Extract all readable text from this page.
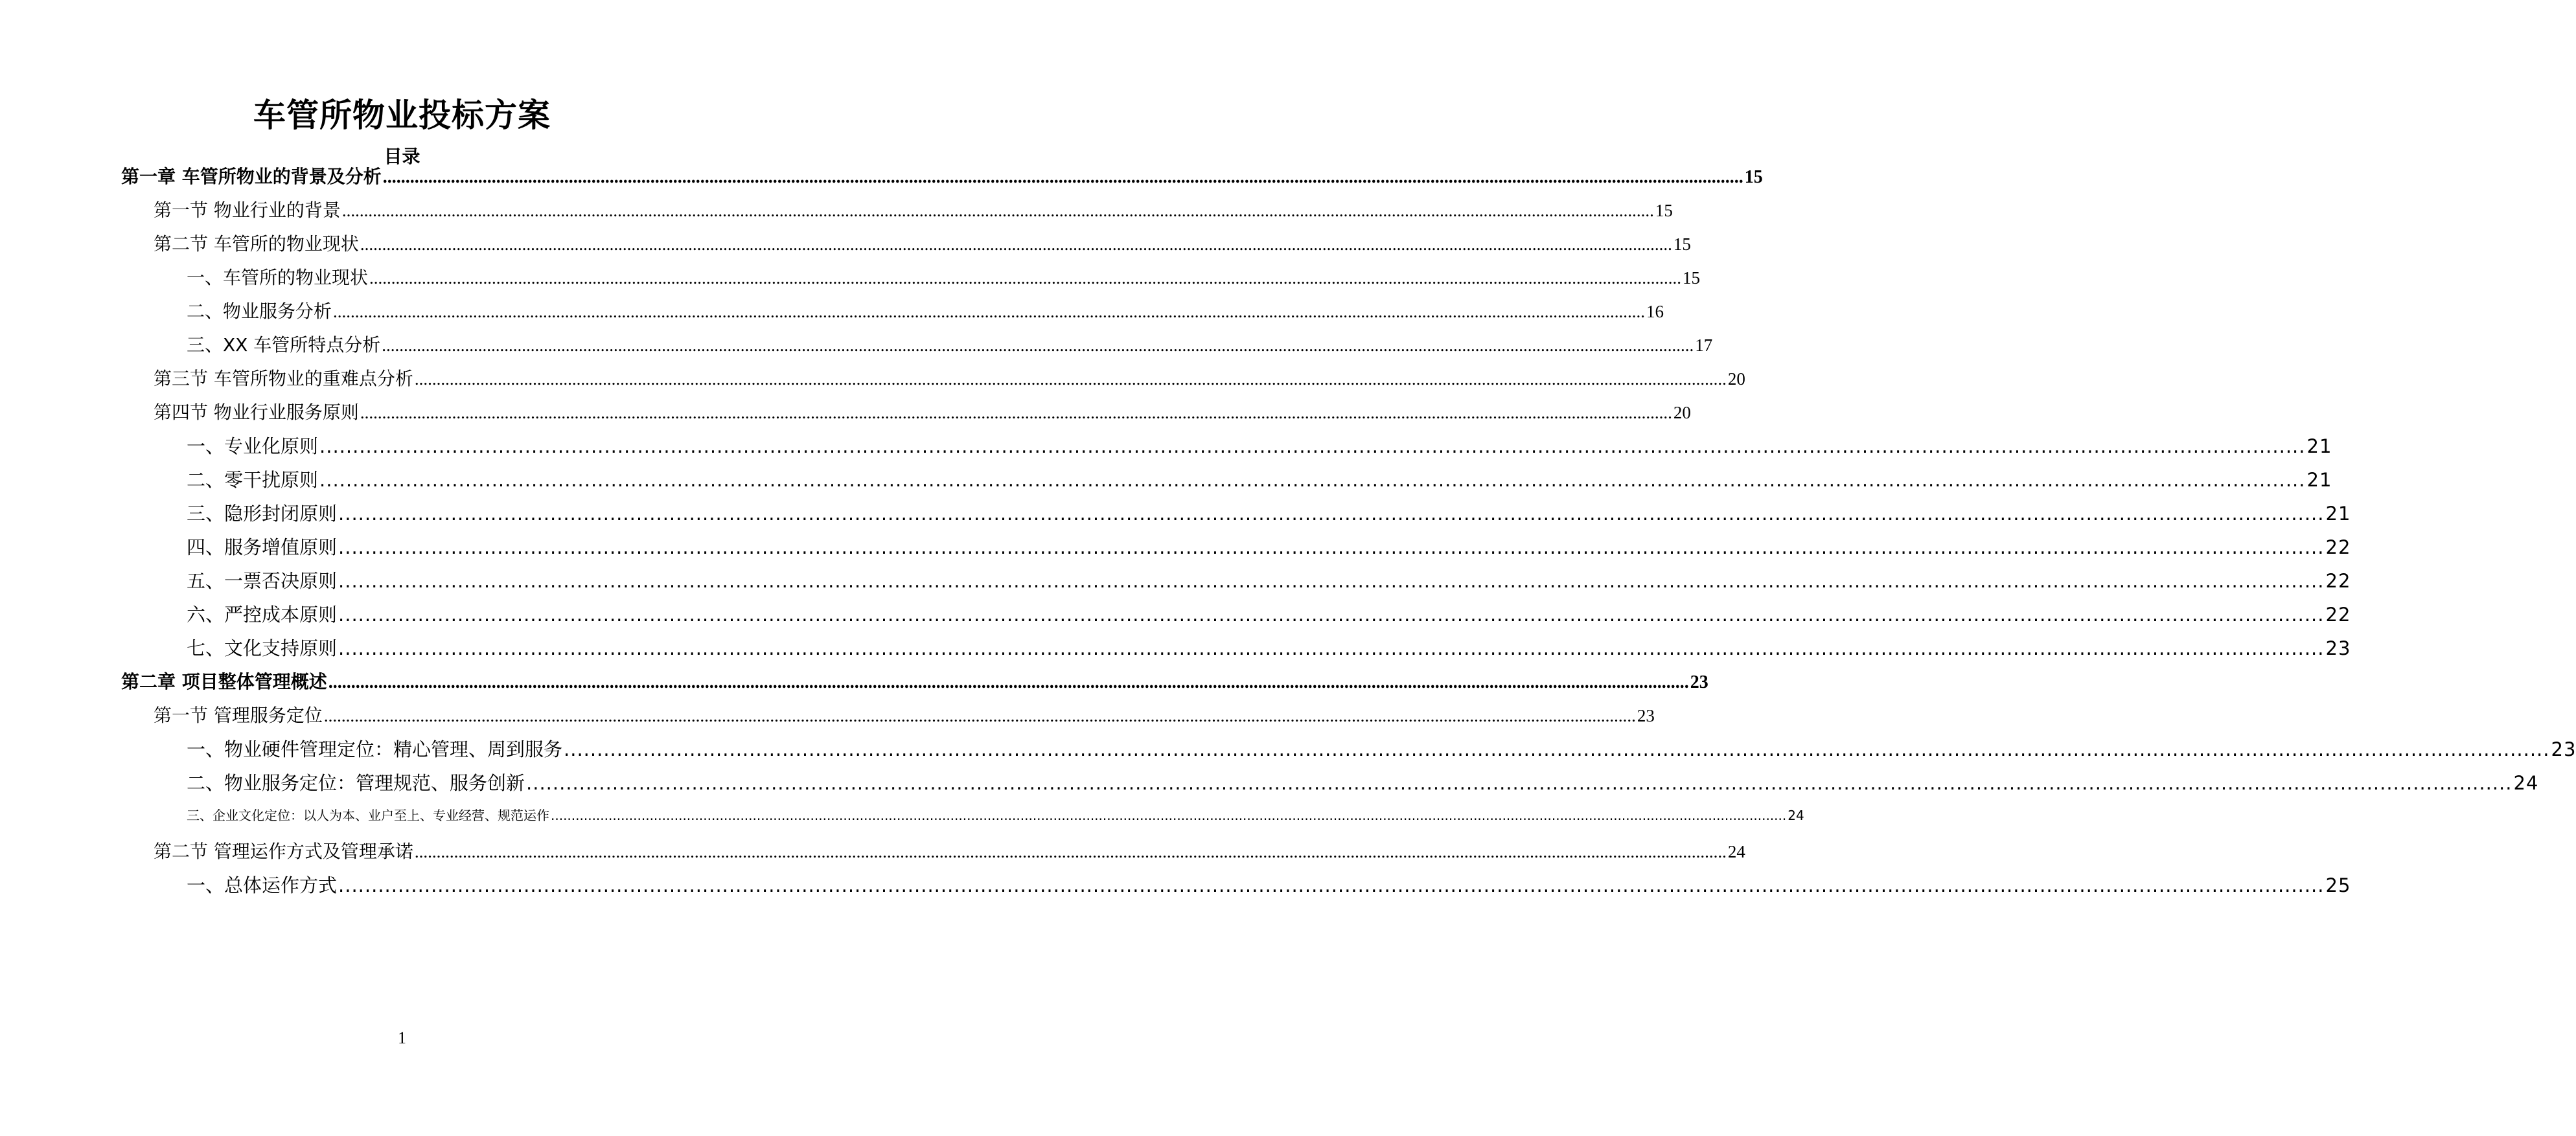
车管所物业投标方案
目录
第一章 车管所物业的背景及分析 ............................................................................................................................................................................................................................................................................................................ 15
第一节 物业行业的背景 ............................................................................................................................................................................................................................................................................................................ 15
第二节 车管所的物业现状 ............................................................................................................................................................................................................................................................................................................ 15
一、车管所的物业现状 ............................................................................................................................................................................................................................................................................................................ 15
二、物业服务分析 ............................................................................................................................................................................................................................................................................................................ 16
三、XX 车管所特点分析 ............................................................................................................................................................................................................................................................................................................ 17
第三节 车管所物业的重难点分析 ............................................................................................................................................................................................................................................................................................................ 20
第四节 物业行业服务原则 ............................................................................................................................................................................................................................................................................................................ 20
一、专业化原则 ............................................................................................................................................................................................................................................................................................................ 21
二、零干扰原则 ............................................................................................................................................................................................................................................................................................................ 21
三、隐形封闭原则 ............................................................................................................................................................................................................................................................................................................ 21
四、服务增值原则 ............................................................................................................................................................................................................................................................................................................ 22
五、一票否决原则 ............................................................................................................................................................................................................................................................................................................ 22
六、严控成本原则 ............................................................................................................................................................................................................................................................................................................ 22
七、文化支持原则 ............................................................................................................................................................................................................................................................................................................ 23
第二章 项目整体管理概述 ............................................................................................................................................................................................................................................................................................................ 23
第一节 管理服务定位 ............................................................................................................................................................................................................................................................................................................ 23
一、物业硬件管理定位：精心管理、周到服务 ............................................................................................................................................................................................................................................................................................................ 23
二、物业服务定位：管理规范、服务创新 ............................................................................................................................................................................................................................................................................................................ 24
三、企业文化定位：以人为本、业户至上、专业经营、规范运作 ............................................................................................................................................................................................................................................................................................................ 24
第二节 管理运作方式及管理承诺 ............................................................................................................................................................................................................................................................................................................ 24
一、总体运作方式 ............................................................................................................................................................................................................................................................................................................ 25
1
